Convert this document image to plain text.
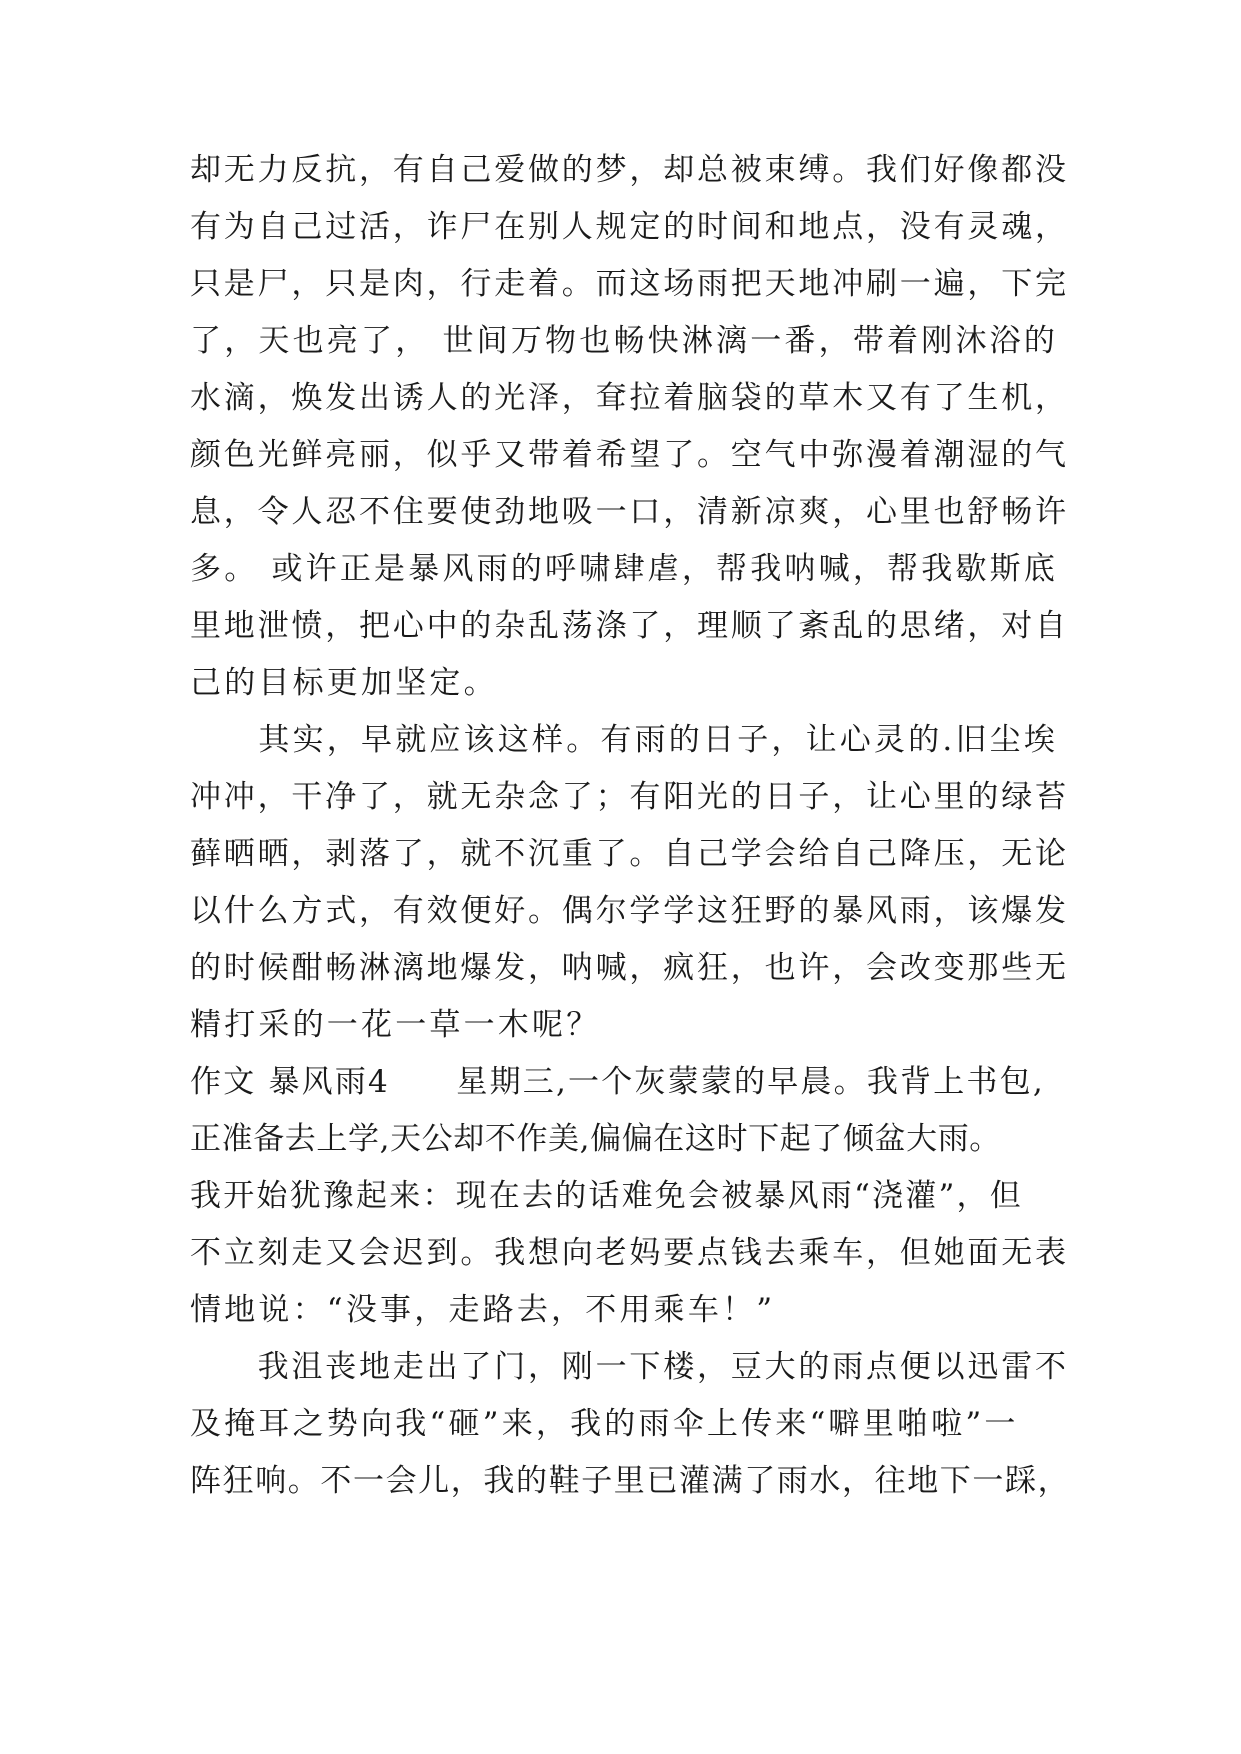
却无力反抗，有自己爱做的梦，却总被束缚。我们好像都没
有为自己过活，诈尸在别人规定的时间和地点，没有灵魂，
只是尸，只是肉，行走着。而这场雨把天地冲刷一遍，下完
了，天也亮了， 世间万物也畅快淋漓一番，带着刚沐浴的
水滴，焕发出诱人的光泽，耷拉着脑袋的草木又有了生机，
颜色光鲜亮丽，似乎又带着希望了。空气中弥漫着潮湿的气
息，令人忍不住要使劲地吸一口，清新凉爽，心里也舒畅许
多。 或许正是暴风雨的呼啸肆虐，帮我呐喊，帮我歇斯底
里地泄愤，把心中的杂乱荡涤了，理顺了紊乱的思绪，对自
己的目标更加坚定。
　　其实，早就应该这样。有雨的日子，让心灵的.旧尘埃
冲冲，干净了，就无杂念了；有阳光的日子，让心里的绿苔
藓晒晒，剥落了，就不沉重了。自己学会给自己降压，无论
以什么方式，有效便好。偶尔学学这狂野的暴风雨，该爆发
的时候酣畅淋漓地爆发，呐喊，疯狂，也许，会改变那些无
精打采的一花一草一木呢？
作文 暴风雨4　　星期三,一个灰蒙蒙的早晨。我背上书包,
正准备去上学,天公却不作美,偏偏在这时下起了倾盆大雨。
我开始犹豫起来：现在去的话难免会被暴风雨“浇灌”，但
不立刻走又会迟到。我想向老妈要点钱去乘车，但她面无表
情地说：“没事，走路去，不用乘车！”
　　我沮丧地走出了门，刚一下楼，豆大的雨点便以迅雷不
及掩耳之势向我“砸”来，我的雨伞上传来“噼里啪啦”一
阵狂响。不一会儿，我的鞋子里已灌满了雨水，往地下一踩，
